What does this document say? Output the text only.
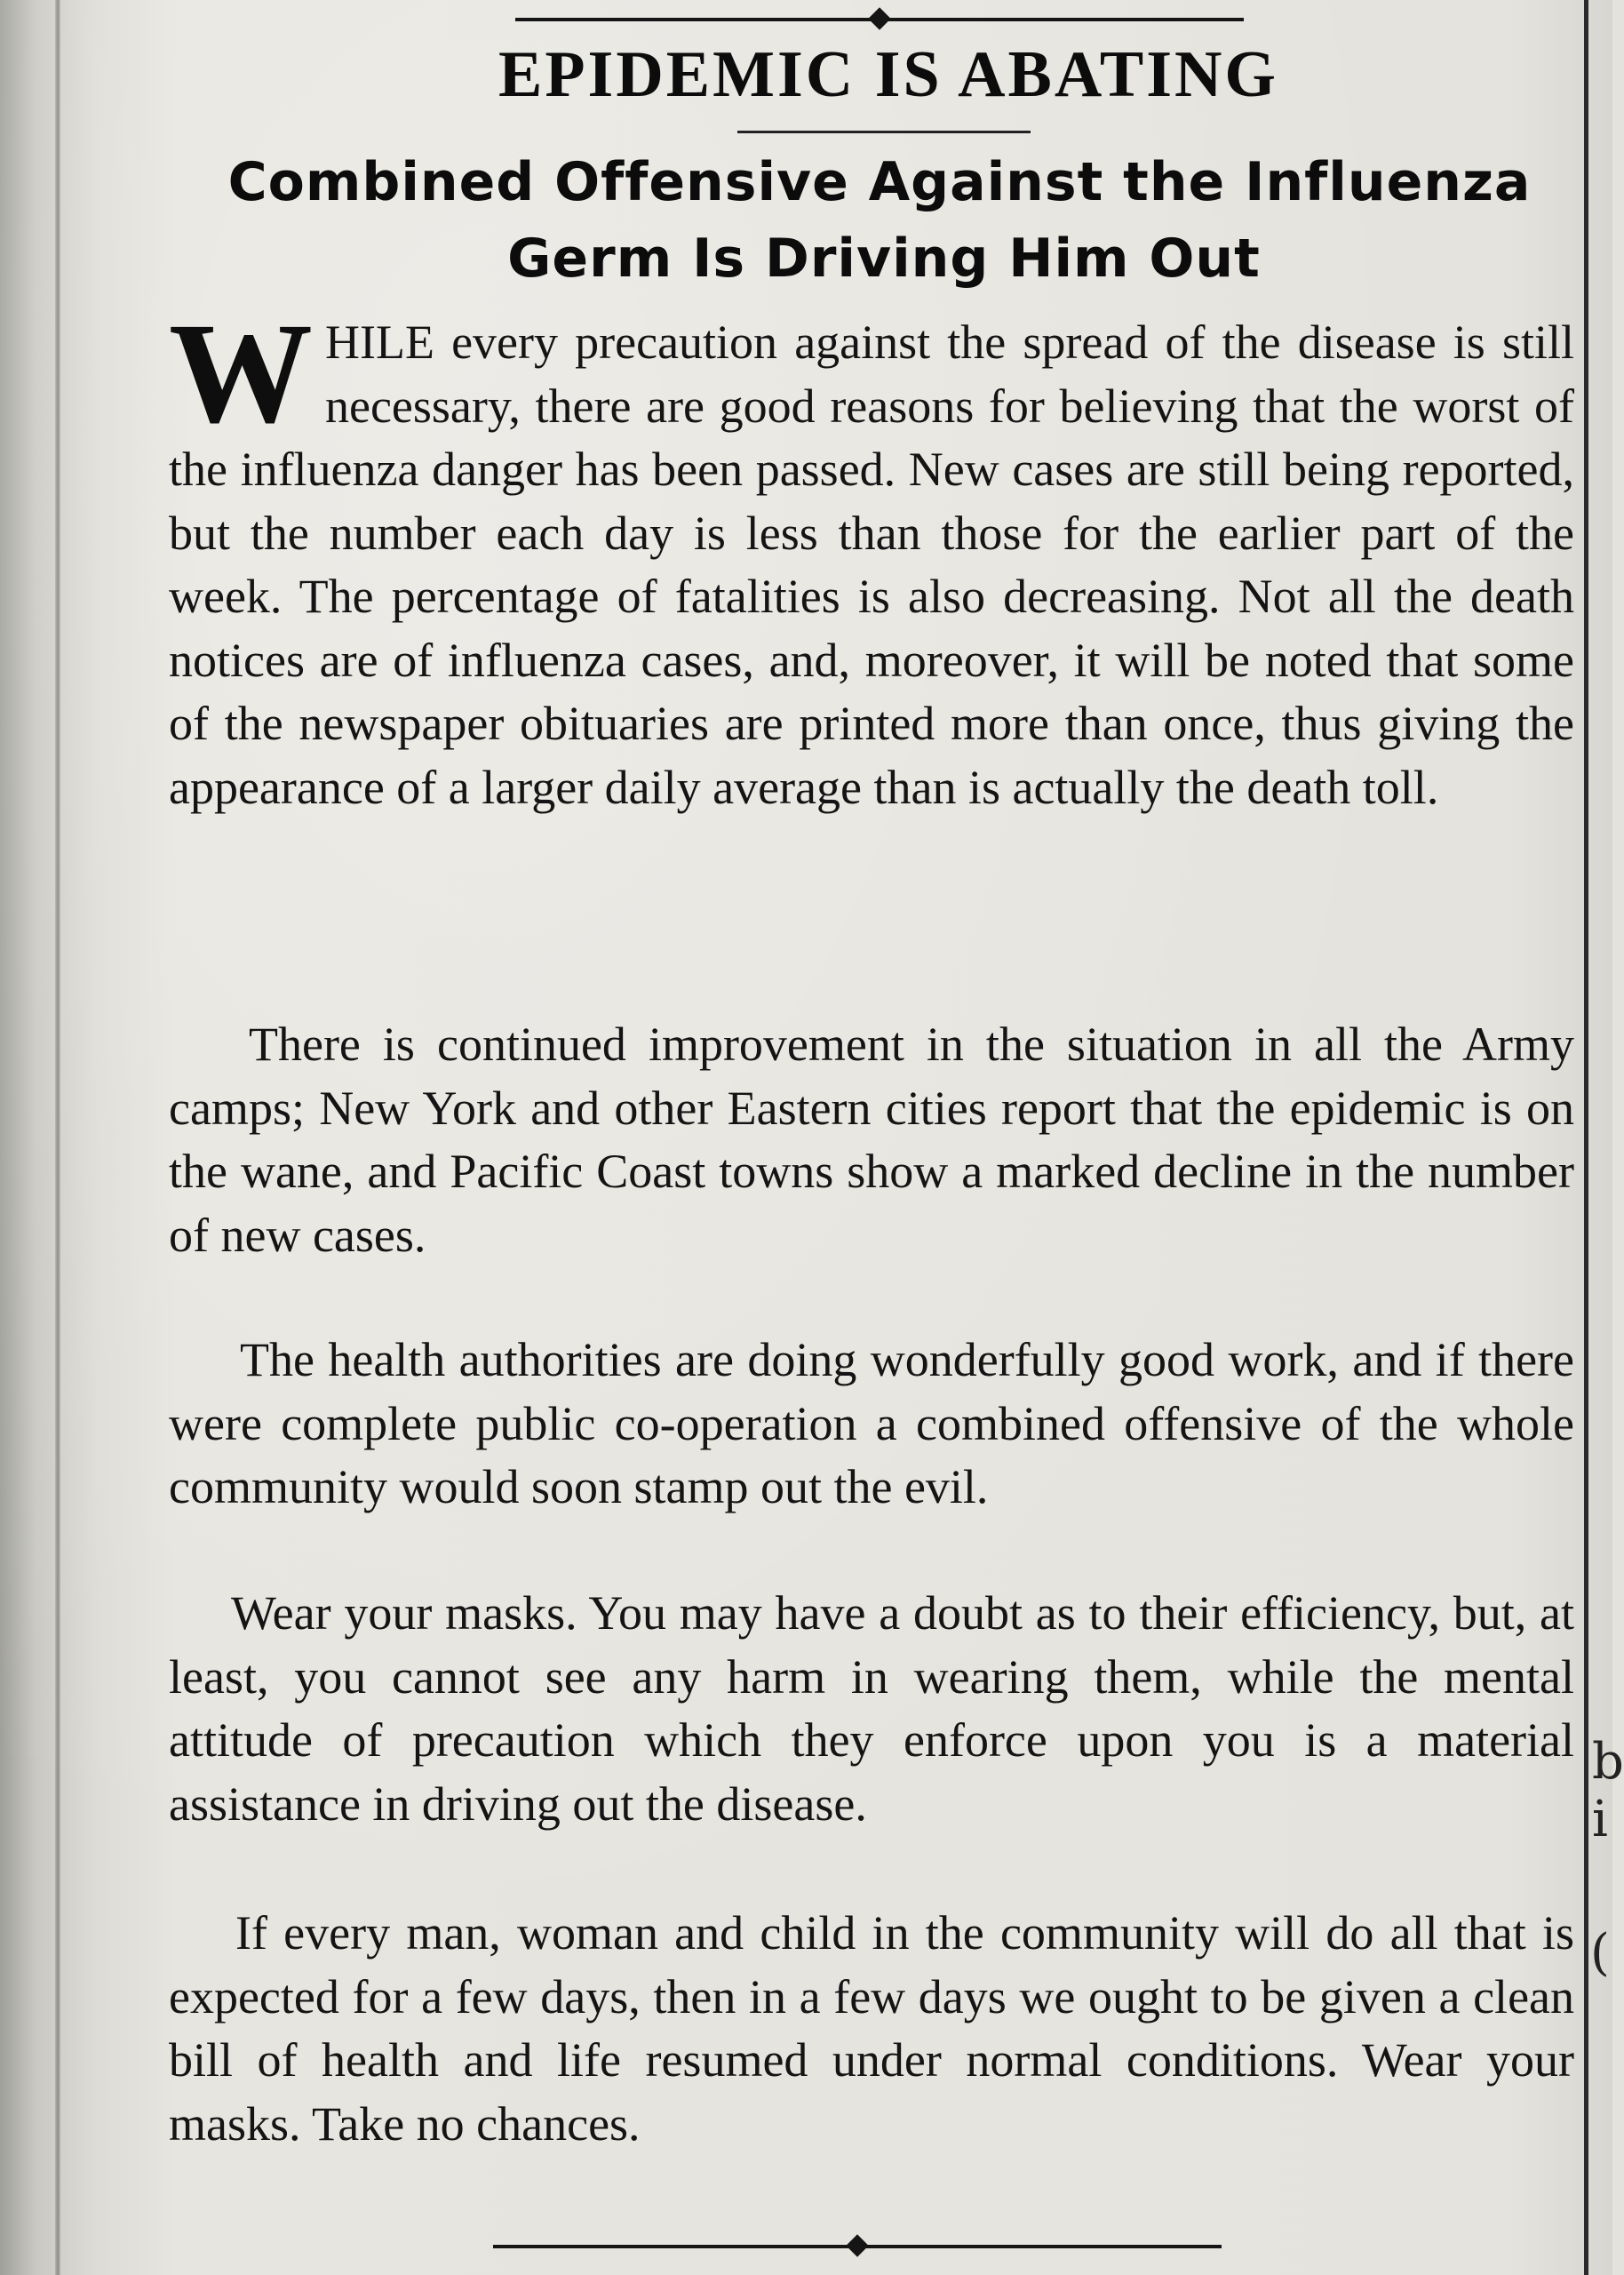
b
i
(
EPIDEMIC IS ABATING
Combined Offensive Against the Influenza
Germ Is Driving Him Out

WHILE every precaution against the spread of the disease is still necessary, there are good reasons for believing that the worst of the influenza danger has been passed. New cases are still being reported, but the number each day is less than those for the earlier part of the week. The percentage of fatalities is also decreasing. Not all the death notices are of influenza cases, and, moreover, it will be noted that some of the newspaper obituaries are printed more than once, thus giving the appearance of a larger daily average than is actually the death toll.

There is continued improvement in the situation in all the Army camps; New York and other Eastern cities report that the epidemic is on the wane, and Pacific Coast towns show a marked decline in the number of new cases.

The health authorities are doing wonderfully good work, and if there were complete public co-operation a combined offensive of the whole community would soon stamp out the evil.

Wear your masks. You may have a doubt as to their efficiency, but, at least, you cannot see any harm in wearing them, while the mental attitude of precaution which they enforce upon you is a material assistance in driving out the disease.

If every man, woman and child in the community will do all that is expected for a few days, then in a few days we ought to be given a clean bill of health and life resumed under normal conditions. Wear your masks. Take no chances.
